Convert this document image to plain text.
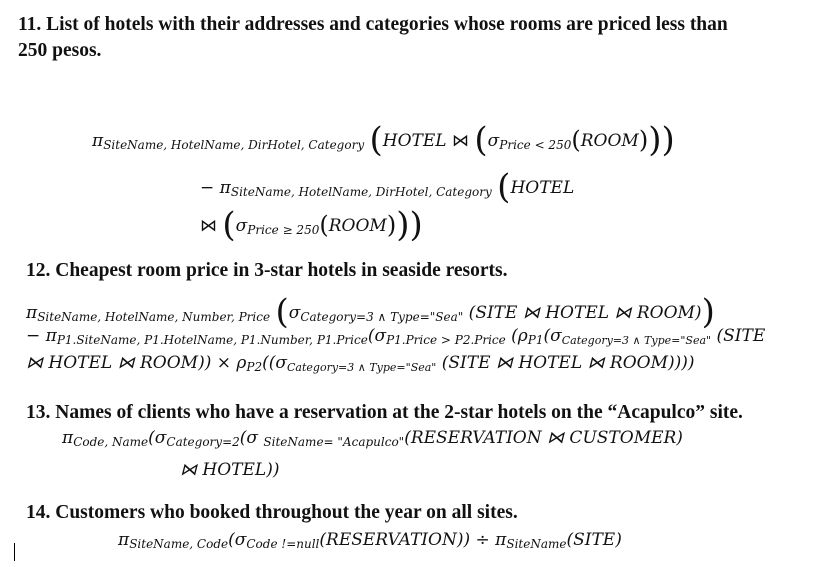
11. List of hotels with their addresses and categories whose rooms are priced less than
250 pesos.
πSiteName, HotelName, DirHotel, Category (HOTEL ⋈ (σPrice < 250(ROOM)))
− πSiteName, HotelName, DirHotel, Category (HOTEL
⋈ (σPrice ≥ 250(ROOM)))
12. Cheapest room price in 3-star hotels in seaside resorts.
πSiteName, HotelName, Number, Price (σCategory=3 ∧ Type="Sea" (SITE ⋈ HOTEL ⋈ ROOM))
− πP1.SiteName, P1.HotelName, P1.Number, P1.Price(σP1.Price > P2.Price (ρP1(σCategory=3 ∧ Type="Sea" (SITE
⋈ HOTEL ⋈ ROOM)) × ρP2((σCategory=3 ∧ Type="Sea" (SITE ⋈ HOTEL ⋈ ROOM))))
13. Names of clients who have a reservation at the 2-star hotels on the “Acapulco” site.
πCode, Name(σCategory=2(σ SiteName= "Acapulco"(RESERVATION ⋈ CUSTOMER)
⋈ HOTEL))
14. Customers who booked throughout the year on all sites.
πSiteName, Code(σCode !=null(RESERVATION)) ÷ πSiteName(SITE)
